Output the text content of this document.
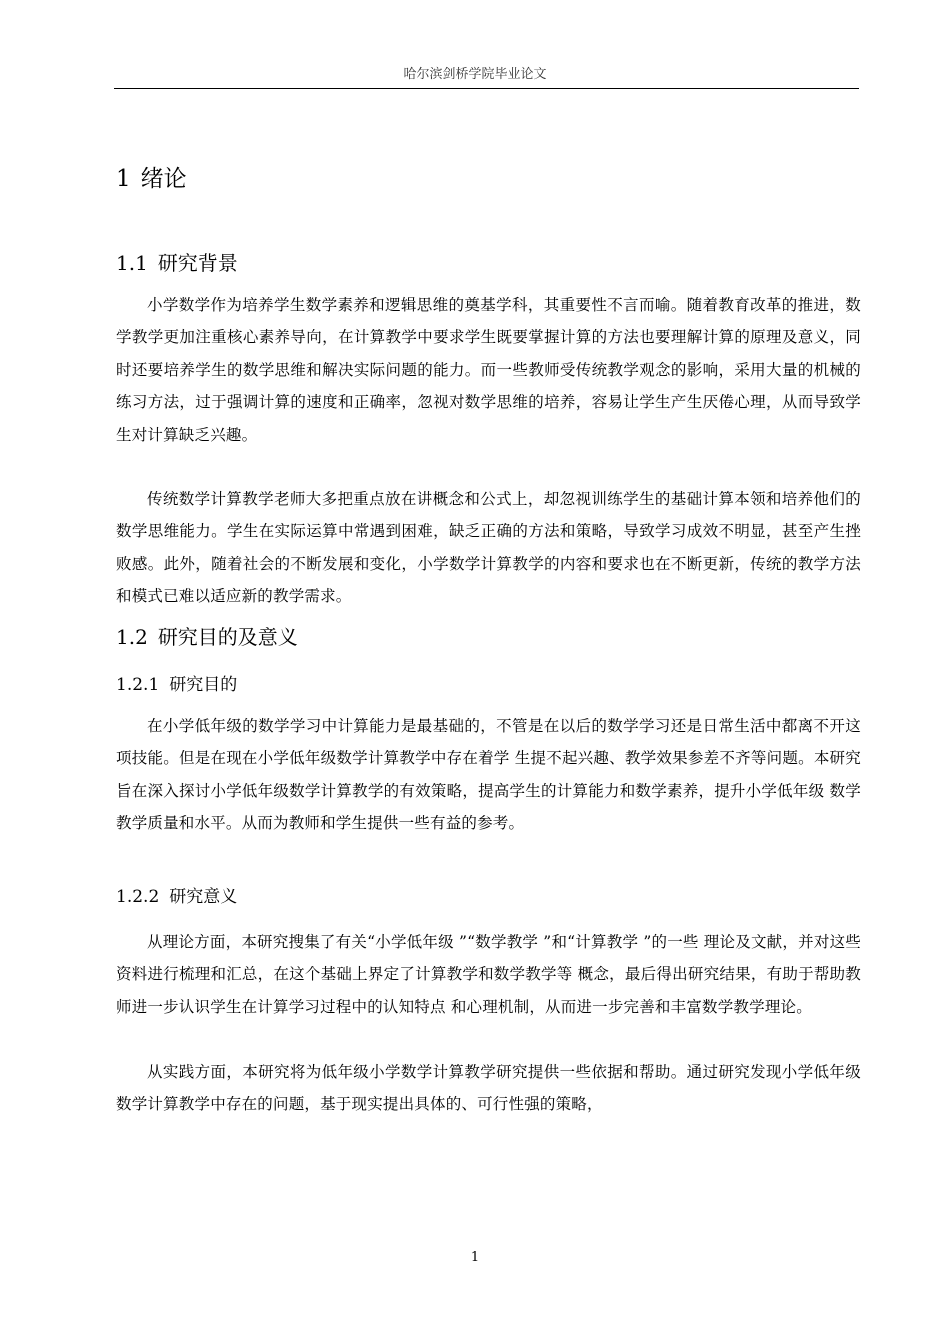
哈尔滨剑桥学院毕业论文
1 绪论
1.1 研究背景

小学数学作为培养学生数学素养和逻辑思维的奠基学科，其重要性不言而喻。随着教育改革的推进，数学教学更加注重核心素养导向，在计算教学中要求学生既要掌握计算的方法也要理解计算的原理及意义，同时还要培养学生的数学思维和解决实际问题的能力。而一些教师受传统教学观念的影响，采用大量的机械的练习方法，过于强调计算的速度和正确率，忽视对数学思维的培养，容易让学生产生厌倦心理，从而导致学生对计算缺乏兴趣。

传统数学计算教学老师大多把重点放在讲概念和公式上，却忽视训练学生的基础计算本领和培养他们的数学思维能力。学生在实际运算中常遇到困难，缺乏正确的方法和策略，导致学习成效不明显，甚至产生挫败感。此外，随着社会的不断发展和变化，小学数学计算教学的内容和要求也在不断更新，传统的教学方法和模式已难以适应新的教学需求。

1.2 研究目的及意义
1.2.1 研究目的

在小学低年级的数学学习中计算能力是最基础的，不管是在以后的数学学习还是日常生活中都离不开这项技能。但是在现在小学低年级数学计算教学中存在着学 生提不起兴趣、教学效果参差不齐等问题。本研究旨在深入探讨小学低年级数学计算教学的有效策略，提高学生的计算能力和数学素养，提升小学低年级 数学教学质量和水平。从而为教师和学生提供一些有益的参考。

1.2.2 研究意义

从理论方面，本研究搜集了有关“小学低年级 ”“数学教学 ”和“计算教学 ”的一些 理论及文献，并对这些资料进行梳理和汇总，在这个基础上界定了计算教学和数学教学等 概念，最后得出研究结果，有助于帮助教师进一步认识学生在计算学习过程中的认知特点 和心理机制，从而进一步完善和丰富数学教学理论。

从实践方面，本研究将为低年级小学数学计算教学研究提供一些依据和帮助。通过研究发现小学低年级数学计算教学中存在的问题，基于现实提出具体的、可行性强的策略，

1
